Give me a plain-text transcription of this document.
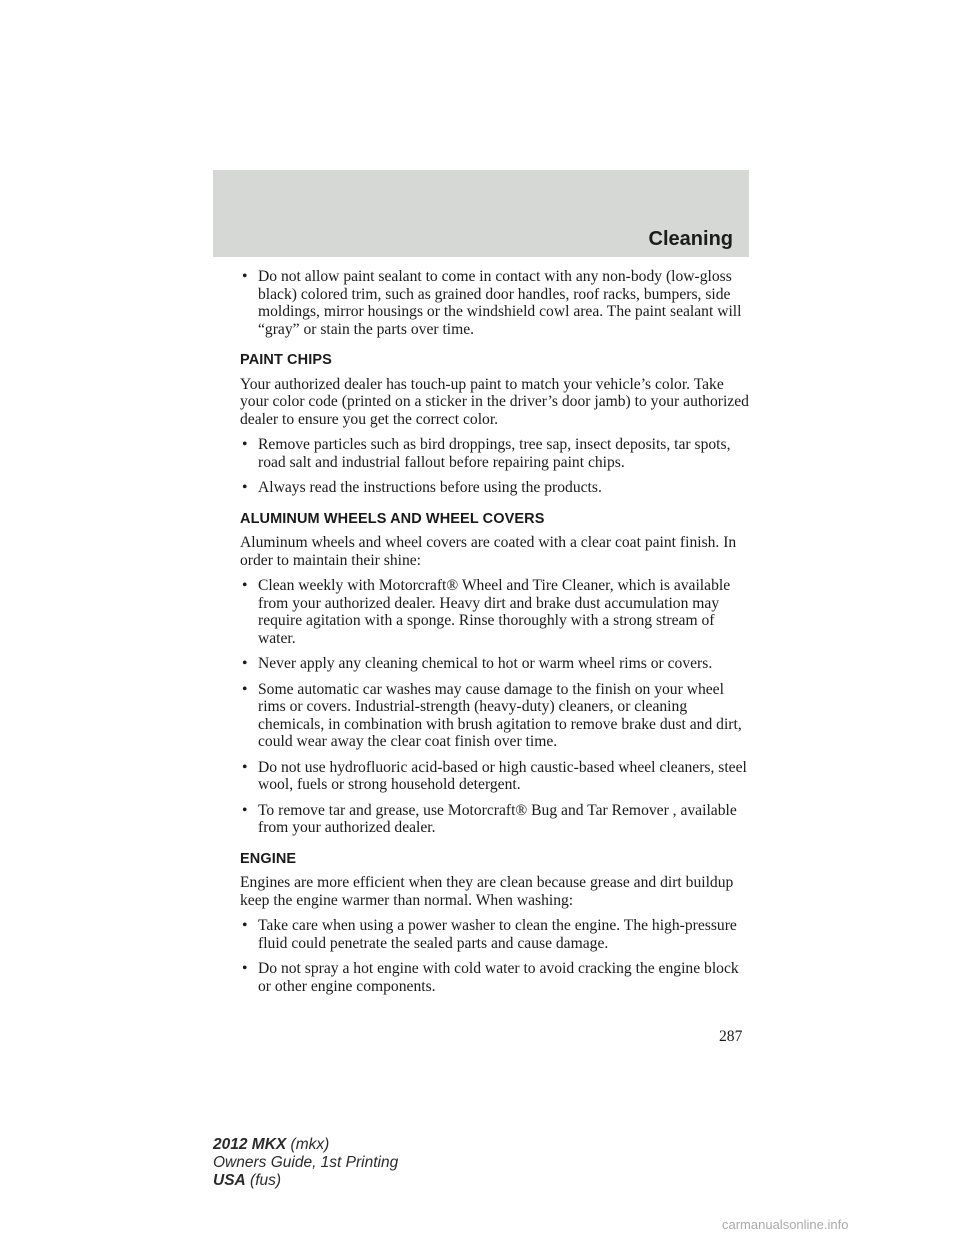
Cleaning
• Do not allow paint sealant to come in contact with any non-body (low-gloss black) colored trim, such as grained door handles, roof racks, bumpers, side moldings, mirror housings or the windshield cowl area. The paint sealant will “gray” or stain the parts over time.
PAINT CHIPS

Your authorized dealer has touch-up paint to match your vehicle’s color. Take your color code (printed on a sticker in the driver’s door jamb) to your authorized dealer to ensure you get the correct color.

• Remove particles such as bird droppings, tree sap, insect deposits, tar spots, road salt and industrial fallout before repairing paint chips.
• Always read the instructions before using the products.
ALUMINUM WHEELS AND WHEEL COVERS

Aluminum wheels and wheel covers are coated with a clear coat paint finish. In order to maintain their shine:

• Clean weekly with Motorcraft® Wheel and Tire Cleaner, which is available from your authorized dealer. Heavy dirt and brake dust accumulation may require agitation with a sponge. Rinse thoroughly with a strong stream of water.
• Never apply any cleaning chemical to hot or warm wheel rims or covers.
• Some automatic car washes may cause damage to the finish on your wheel rims or covers. Industrial-strength (heavy-duty) cleaners, or cleaning chemicals, in combination with brush agitation to remove brake dust and dirt, could wear away the clear coat finish over time.
• Do not use hydrofluoric acid-based or high caustic-based wheel cleaners, steel wool, fuels or strong household detergent.
• To remove tar and grease, use Motorcraft® Bug and Tar Remover , available from your authorized dealer.
ENGINE

Engines are more efficient when they are clean because grease and dirt buildup keep the engine warmer than normal. When washing:

• Take care when using a power washer to clean the engine. The high-pressure fluid could penetrate the sealed parts and cause damage.
• Do not spray a hot engine with cold water to avoid cracking the engine block or other engine components.
287
2012 MKX (mkx)
Owners Guide, 1st Printing
USA (fus)
carmanualsonline.info
